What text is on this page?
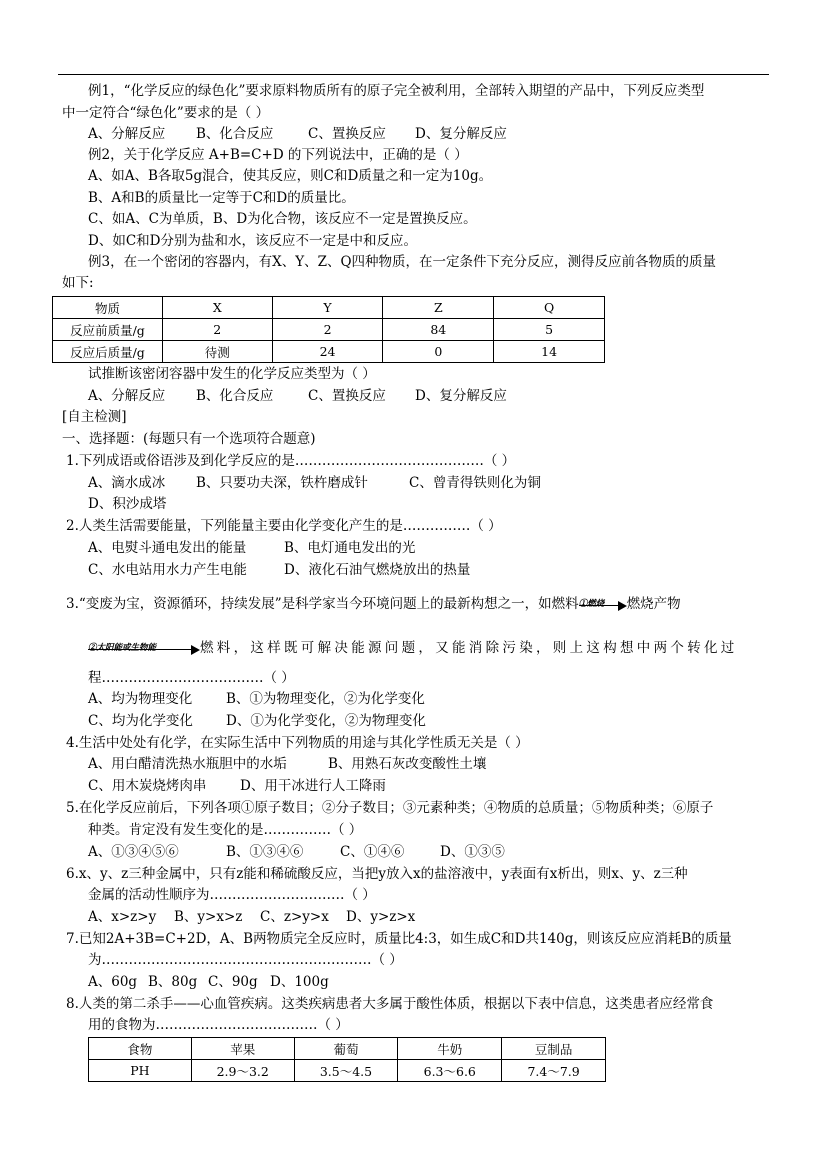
例1，“化学反应的绿色化”要求原料物质所有的原子完全被利用，全部转入期望的产品中，下列反应类型
中一定符合“绿色化”要求的是（ ）
A、分解反应 B、化合反应	C、置换反应 D、复分解反应
例2，关于化学反应 A+B=C+D 的下列说法中，正确的是（ ）
A、如A、B各取5g混合，使其反应，则C和D质量之和一定为10g。
B、A和B的质量比一定等于C和D的质量比。
C、如A、C为单质，B、D为化合物，该反应不一定是置换反应。
D、如C和D分别为盐和水，该反应不一定是中和反应。
例3，在一个密闭的容器内，有X、Y、Z、Q四种物质，在一定条件下充分反应，测得反应前各物质的质量
如下:
物质	X	Y	Z	Q
反应前质量/g	2	2	84	5
反应后质量/g	待测	24	0	14
试推断该密闭容器中发生的化学反应类型为（ ）
A、分解反应 B、化合反应	C、置换反应 D、复分解反应
[自主检测]
一、选择题：(每题只有一个选项符合题意)
1.下列成语或俗语涉及到化学反应的是……………………………………（ ）
A、滴水成冰 B、只要功夫深，铁杵磨成针	C、曾青得铁则化为铜
D、积沙成塔
2.人类生活需要能量，下列能量主要由化学变化产生的是……………（ ）
A、电熨斗通电发出的能量	B、电灯通电发出的光
C、水电站用水力产生电能	D、液化石油气燃烧放出的热量
3.“变废为宝，资源循环，持续发展”是科学家当今环境问题上的最新构想之一，如燃料 ①燃烧 燃烧产物
②太阳能或生物能	燃料，这样既可解决能源问题，又能消除污染，则上这构想中两个转化过
程………………………………（ ）
A、均为物理变化	B、①为物理变化，②为化学变化
C、均为化学变化 D、①为化学变化，②为物理变化
4.生活中处处有化学，在实际生活中下列物质的用途与其化学性质无关是（ ）
A、用白醋清洗热水瓶胆中的水垢	B、用熟石灰改变酸性土壤
C、用木炭烧烤肉串 D、用干冰进行人工降雨
5.在化学反应前后，下列各项①原子数目；②分子数目；③元素种类；④物质的总质量；⑤物质种类；⑥原子
种类。肯定没有发生变化的是……………（ ）
A、①③④⑤⑥	B、①③④⑥	C、①④⑥	D、①③⑤
6.x、y、z三种金属中，只有z能和稀硫酸反应，当把y放入x的盐溶液中，y表面有x析出，则x、y、z三种
金属的活动性顺序为…………………………（ ）
A、x>z>y B、y>x>z C、z>y>x D、y>z>x
7.已知2A+3B=C+2D，A、B两物质完全反应时，质量比4:3，如生成C和D共140g，则该反应应消耗B的质量
为……………………………………………………（ ）
A、60g B、80g C、90g D、100g
8.人类的第二杀手——心血管疾病。这类疾病患者大多属于酸性体质，根据以下表中信息，这类患者应经常食
用的食物为………………………………（ ）
食物	苹果	葡萄	牛奶	豆制品
PH	2.9～3.2	3.5～4.5	6.3～6.6	7.4～7.9
